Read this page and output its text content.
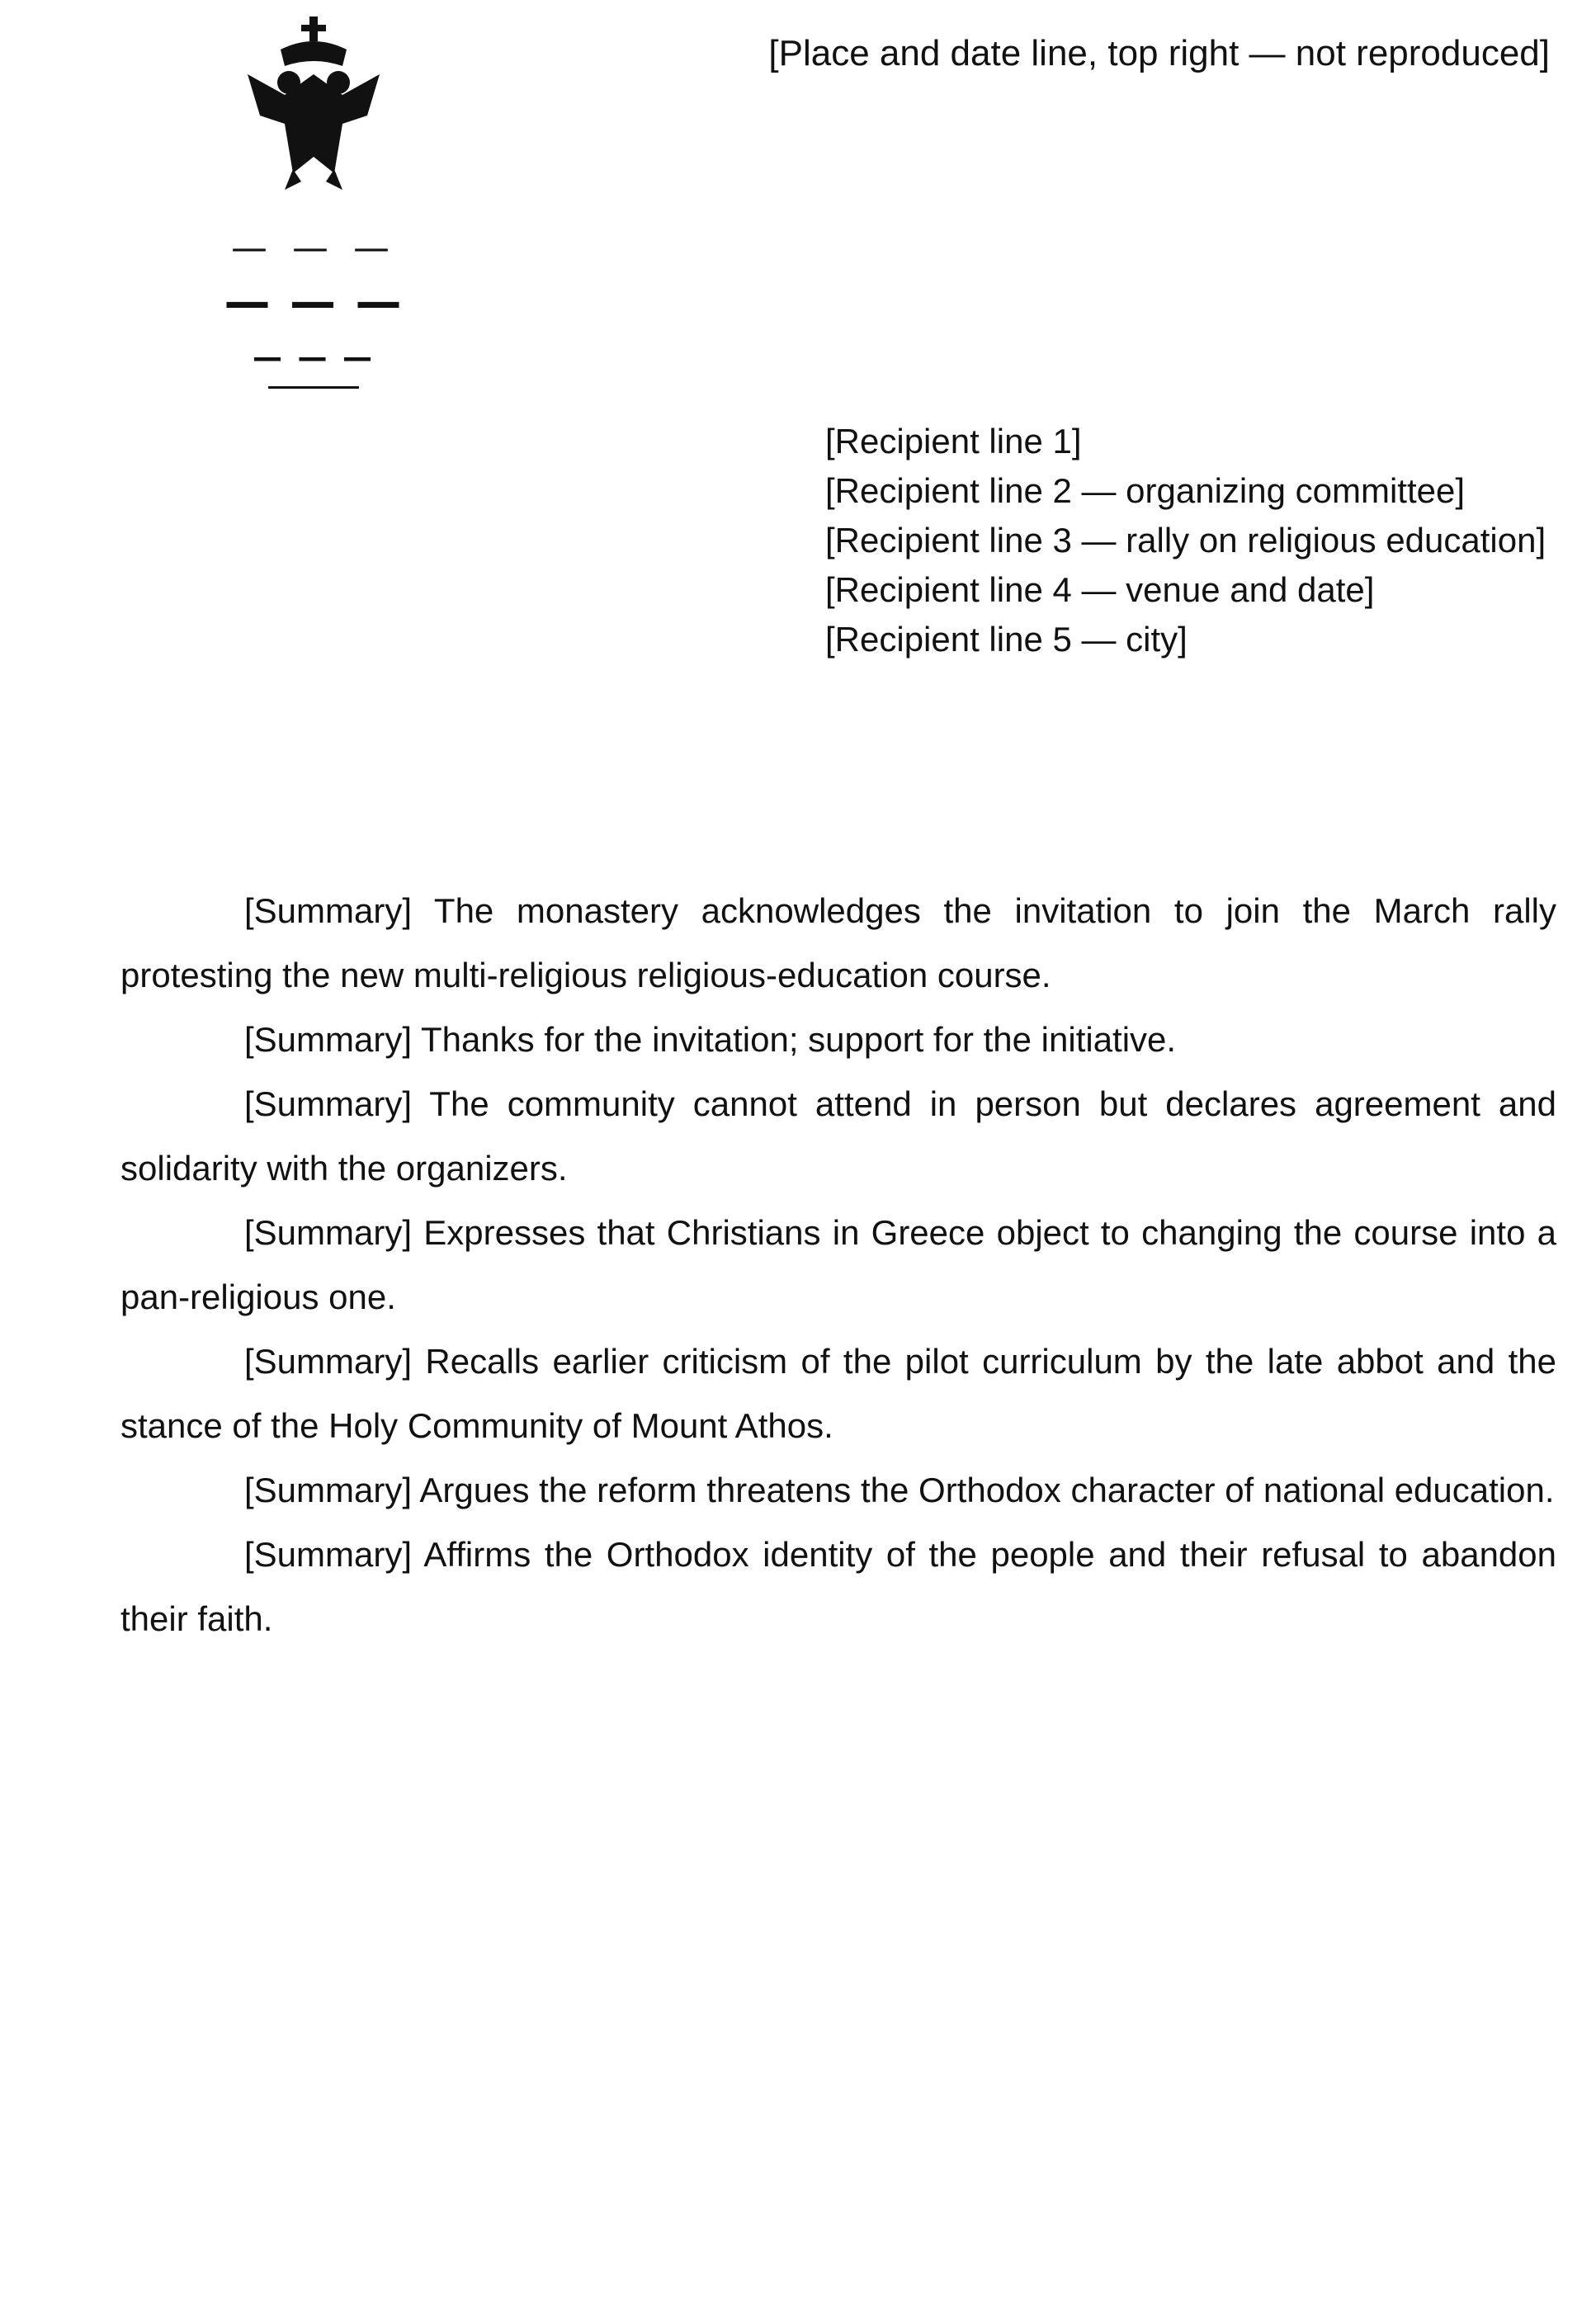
— — —
— — —
— — —
[Place and date line, top right — not reproduced]
[Recipient line 1]
[Recipient line 2 — organizing committee]
[Recipient line 3 — rally on religious education]
[Recipient line 4 — venue and date]
[Recipient line 5 — city]

[Summary] The monastery acknowledges the invitation to join the March rally protesting the new multi-religious religious-education course.

[Summary] Thanks for the invitation; support for the initiative.

[Summary] The community cannot attend in person but declares agreement and solidarity with the organizers.

[Summary] Expresses that Christians in Greece object to changing the course into a pan-religious one.

[Summary] Recalls earlier criticism of the pilot curriculum by the late abbot and the stance of the Holy Community of Mount Athos.

[Summary] Argues the reform threatens the Orthodox character of national education.

[Summary] Affirms the Orthodox identity of the people and their refusal to abandon their faith.
